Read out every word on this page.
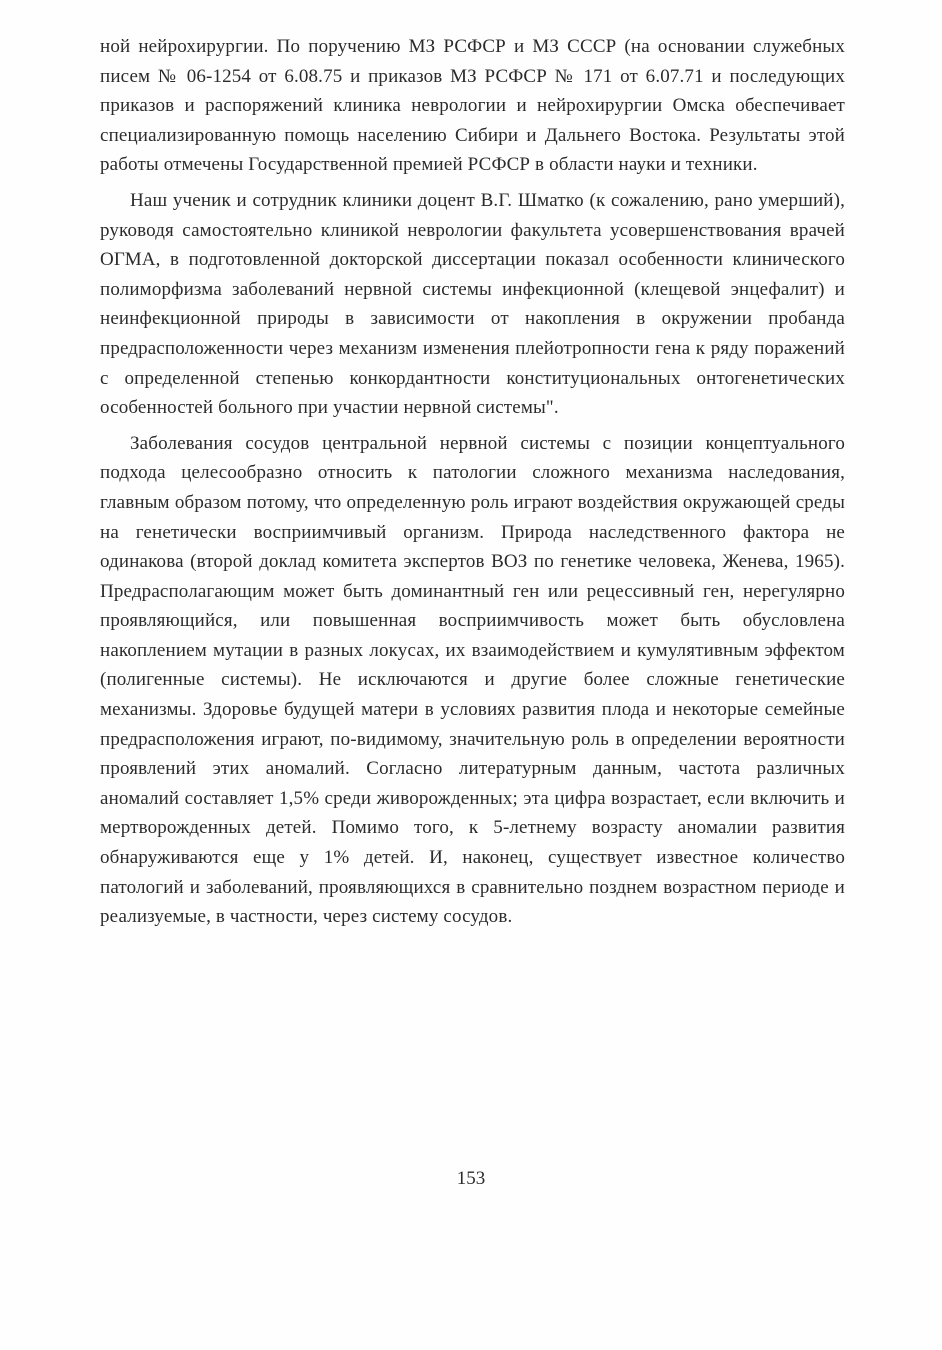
ной нейрохирургии. По поручению МЗ РСФСР и МЗ СССР (на основании служебных писем № 06-1254 от 6.08.75 и приказов МЗ РСФСР № 171 от 6.07.71 и последующих приказов и распоряжений клиника неврологии и нейрохирургии Омска обеспечивает специализированную помощь населению Сибири и Дальнего Востока. Результаты этой работы отмечены Государственной премией РСФСР в области науки и техники.

Наш ученик и сотрудник клиники доцент В.Г. Шматко (к сожалению, рано умерший), руководя самостоятельно клиникой неврологии факультета усовершенствования врачей ОГМА, в подготовленной докторской диссертации показал особенности клинического полиморфизма заболеваний нервной системы инфекционной (клещевой энцефалит) и неинфекционной природы в зависимости от накопления в окружении пробанда предрасположенности через механизм изменения плейотропности гена к ряду поражений с определенной степенью конкордантности конституциональных онтогенетических особенностей больного при участии нервной системы".

Заболевания сосудов центральной нервной системы с позиции концептуального подхода целесообразно относить к патологии сложного механизма наследования, главным образом потому, что определенную роль играют воздействия окружающей среды на генетически восприимчивый организм. Природа наследственного фактора не одинакова (второй доклад комитета экспертов ВОЗ по генетике человека, Женева, 1965). Предрасполагающим может быть доминантный ген или рецессивный ген, нерегулярно проявляющийся, или повышенная восприимчивость может быть обусловлена накоплением мутации в разных локусах, их взаимодействием и кумулятивным эффектом (полигенные системы). Не исключаются и другие более сложные генетические механизмы. Здоровье будущей матери в условиях развития плода и некоторые семейные предрасположения играют, по-видимому, значительную роль в определении вероятности проявлений этих аномалий. Согласно литературным данным, частота различных аномалий составляет 1,5% среди живорожденных; эта цифра возрастает, если включить и мертворожденных детей. Помимо того, к 5-летнему возрасту аномалии развития обнаруживаются еще у 1% детей. И, наконец, существует известное количество патологий и заболеваний, проявляющихся в сравнительно позднем возрастном периоде и реализуемые, в частности, через систему сосудов.

153
